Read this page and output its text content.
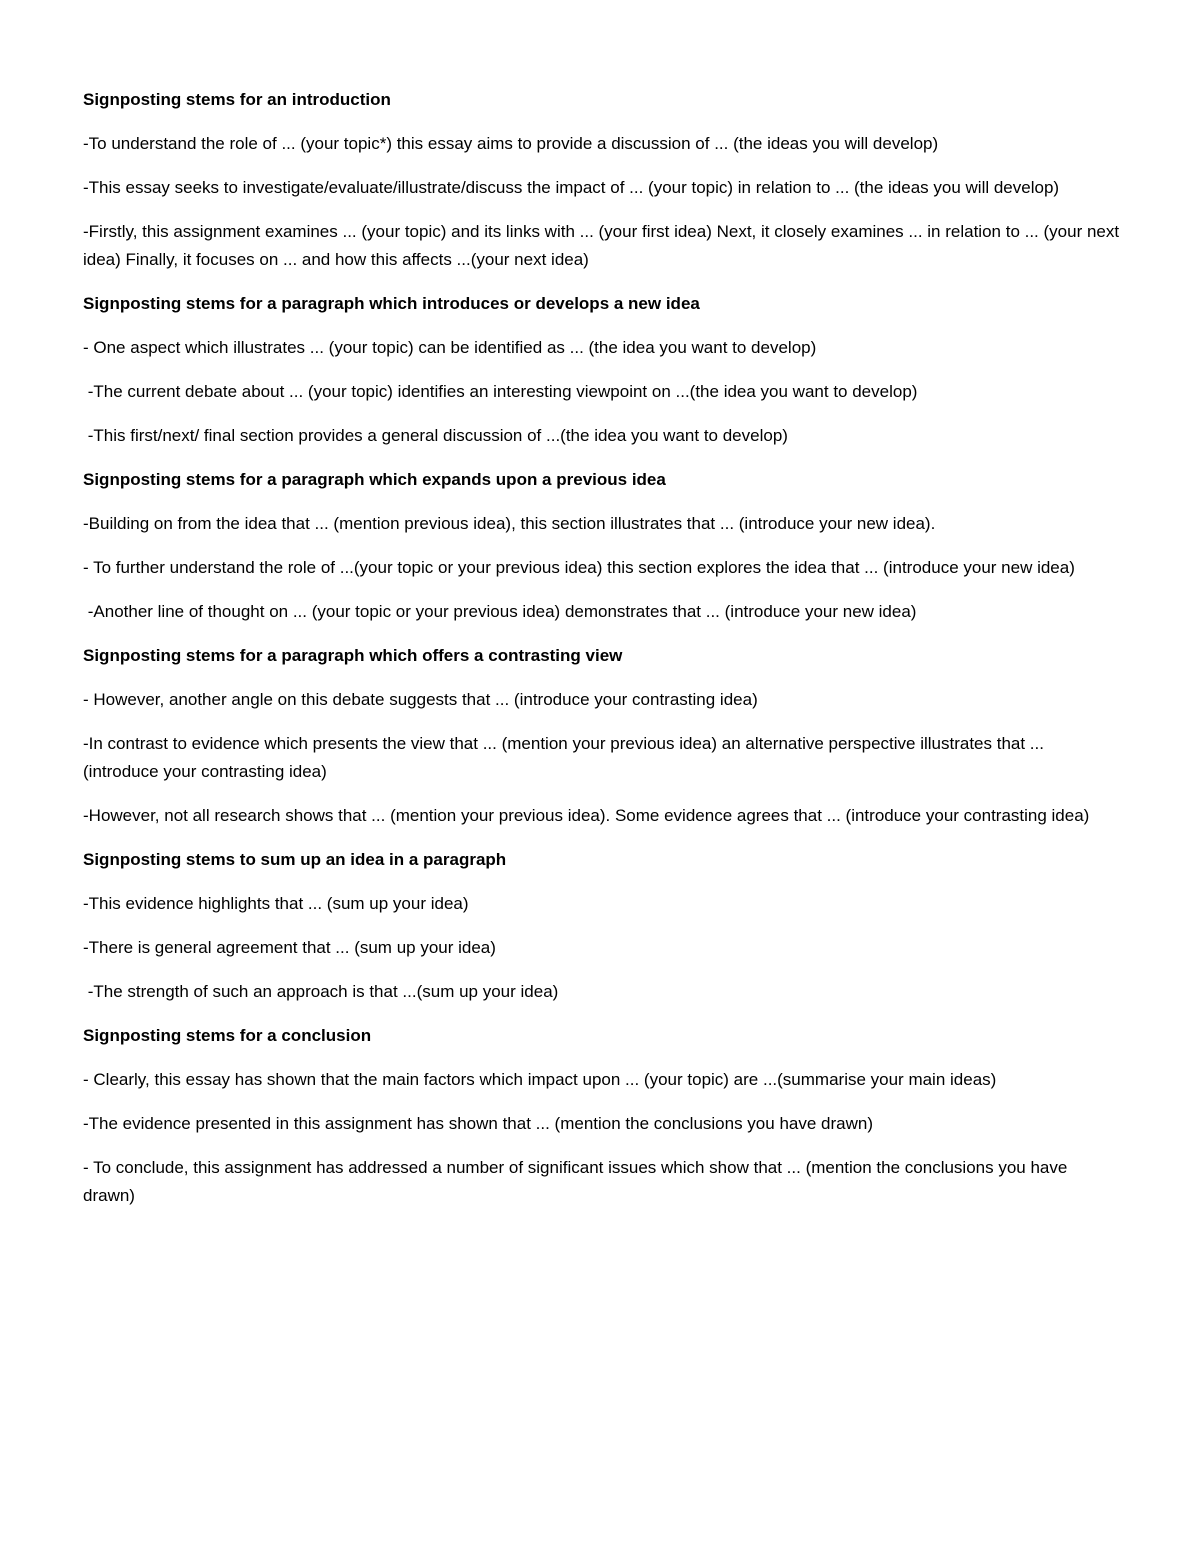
Signposting stems for an introduction

-To understand the role of ... (your topic*) this essay aims to provide a discussion of ... (the ideas you will develop)

-This essay seeks to investigate/evaluate/illustrate/discuss the impact of ... (your topic) in relation to ... (the ideas you will develop)

-Firstly, this assignment examines ... (your topic) and its links with ... (your first idea) Next, it closely examines ... in relation to ... (your next idea) Finally, it focuses on ... and how this affects ...(your next idea)

Signposting stems for a paragraph which introduces or develops a new idea

- One aspect which illustrates ... (your topic) can be identified as ... (the idea you want to develop)

-The current debate about ... (your topic) identifies an interesting viewpoint on ...(the idea you want to develop)

-This first/next/ final section provides a general discussion of ...(the idea you want to develop)

Signposting stems for a paragraph which expands upon a previous idea

-Building on from the idea that ... (mention previous idea), this section illustrates that ... (introduce your new idea).

- To further understand the role of ...(your topic or your previous idea) this section explores the idea that ... (introduce your new idea)

-Another line of thought on ... (your topic or your previous idea) demonstrates that ... (introduce your new idea)

Signposting stems for a paragraph which offers a contrasting view

- However, another angle on this debate suggests that ... (introduce your contrasting idea)

-In contrast to evidence which presents the view that ... (mention your previous idea) an alternative perspective illustrates that ... (introduce your contrasting idea)

-However, not all research shows that ... (mention your previous idea). Some evidence agrees that ... (introduce your contrasting idea)

Signposting stems to sum up an idea in a paragraph

-This evidence highlights that ... (sum up your idea)

-There is general agreement that ... (sum up your idea)

-The strength of such an approach is that ...(sum up your idea)

Signposting stems for a conclusion

- Clearly, this essay has shown that the main factors which impact upon ... (your topic) are ...(summarise your main ideas)

-The evidence presented in this assignment has shown that ... (mention the conclusions you have drawn)

- To conclude, this assignment has addressed a number of significant issues which show that ... (mention the conclusions you have drawn)
